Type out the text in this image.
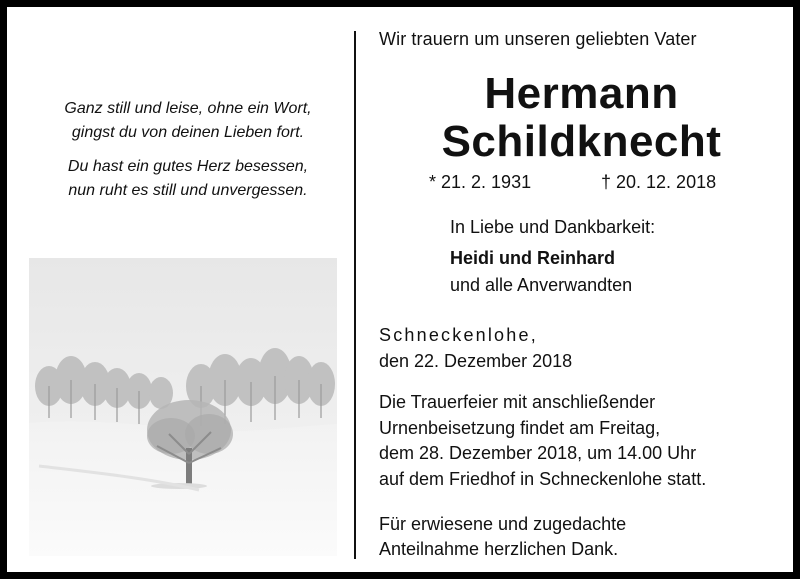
Ganz still und leise, ohne ein Wort,
gingst du von deinen Lieben fort.
Du hast ein gutes Herz besessen,
nun ruht es still und unvergessen.
Wir trauern um unseren geliebten Vater
Hermann
Schildknecht
* 21. 2. 1931	† 20. 12. 2018
In Liebe und Dankbarkeit:
Heidi und Reinhard
und alle Anverwandten
Schneckenlohe,
den 22. Dezember 2018
Die Trauerfeier mit anschließender
Urnenbeisetzung findet am Freitag,
dem 28. Dezember 2018, um 14.00 Uhr
auf dem Friedhof in Schneckenlohe statt.
Für erwiesene und zugedachte
Anteilnahme herzlichen Dank.
